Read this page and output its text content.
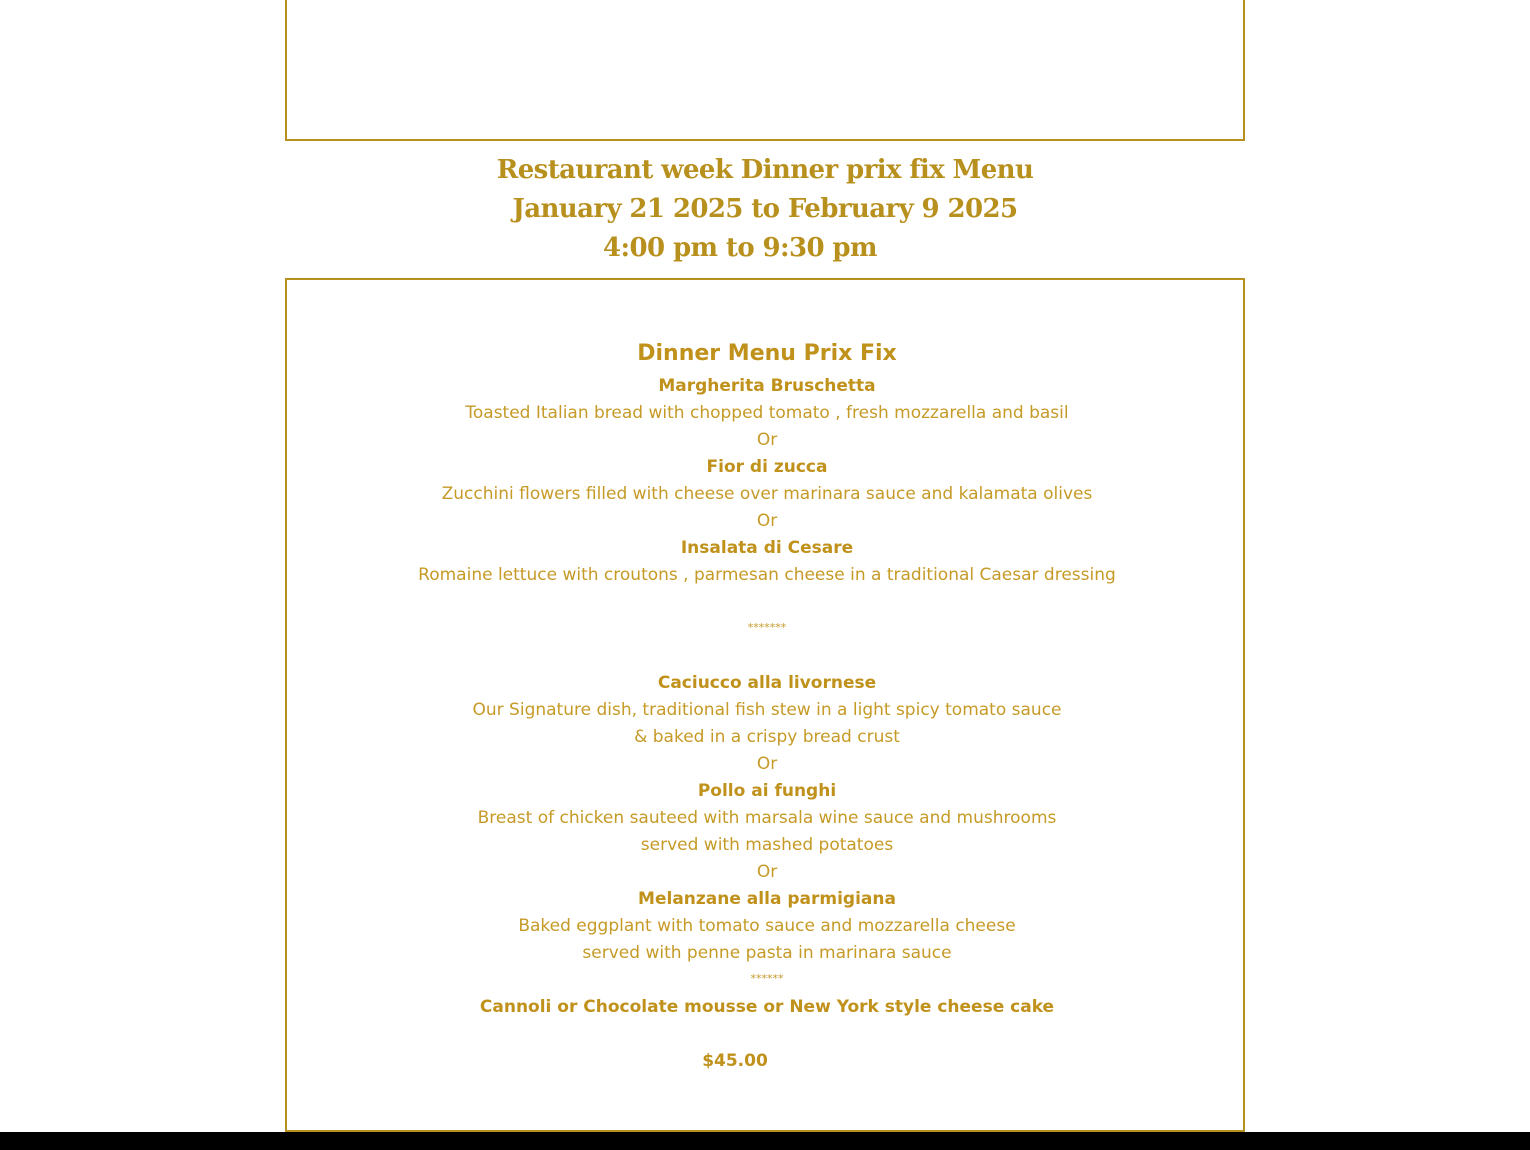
Restaurant week Dinner prix fix Menu
January 21 2025 to February 9 2025
4:00 pm to 9:30 pm
Dinner Menu Prix Fix
Margherita Bruschetta
Toasted Italian bread with chopped tomato , fresh mozzarella and basil
Or
Fior di zucca
Zucchini flowers filled with cheese over marinara sauce and kalamata olives
Or
Insalata di Cesare
Romaine lettuce with croutons , parmesan cheese in a traditional Caesar dressing
*******
Caciucco alla livornese
Our Signature dish, traditional fish stew in a light spicy tomato sauce
& baked in a crispy bread crust
Or
Pollo ai funghi
Breast of chicken sauteed with marsala wine sauce and mushrooms
served with mashed potatoes
Or
Melanzane alla parmigiana
Baked eggplant with tomato sauce and mozzarella cheese
served with penne pasta in marinara sauce
******
Cannoli or Chocolate mousse or New York style cheese cake
$45.00
